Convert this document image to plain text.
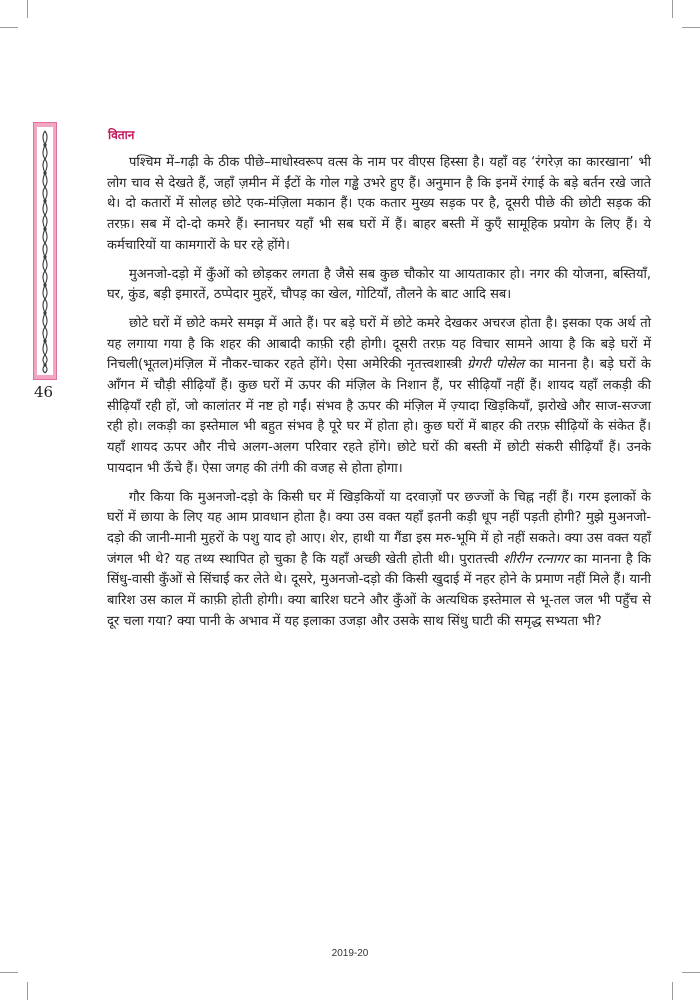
वितान
46

पश्चिम में–गढ़ी के ठीक पीछे–माधोस्वरूप वत्स के नाम पर वीएस हिस्सा है। यहाँ वह ‘रंगरेज़ का कारखाना’ भी लोग चाव से देखते हैं, जहाँ ज़मीन में ईंटों के गोल गड्ढे उभरे हुए हैं। अनुमान है कि इनमें रंगाई के बड़े बर्तन रखे जाते थे। दो कतारों में सोलह छोटे एक-मंज़िला मकान हैं। एक कतार मुख्य सड़क पर है, दूसरी पीछे की छोटी सड़क की तरफ़। सब में दो-दो कमरे हैं। स्नानघर यहाँ भी सब घरों में हैं। बाहर बस्ती में कुएँ सामूहिक प्रयोग के लिए हैं। ये कर्मचारियों या कामगारों के घर रहे होंगे।

मुअनजो-दड़ो में कुँओं को छोड़कर लगता है जैसे सब कुछ चौकोर या आयताकार हो। नगर की योजना, बस्तियाँ, घर, कुंड, बड़ी इमारतें, ठप्पेदार मुहरें, चौपड़ का खेल, गोटियाँ, तौलने के बाट आदि सब।

छोटे घरों में छोटे कमरे समझ में आते हैं। पर बड़े घरों में छोटे कमरे देखकर अचरज होता है। इसका एक अर्थ तो यह लगाया गया है कि शहर की आबादी काफ़ी रही होगी। दूसरी तरफ़ यह विचार सामने आया है कि बड़े घरों में निचली(भूतल)मंज़िल में नौकर-चाकर रहते होंगे। ऐसा अमेरिकी नृतत्त्वशास्त्री ग्रेगरी पोसेल का मानना है। बड़े घरों के आँगन में चौड़ी सीढ़ियाँ हैं। कुछ घरों में ऊपर की मंज़िल के निशान हैं, पर सीढ़ियाँ नहीं हैं। शायद यहाँ लकड़ी की सीढ़ियाँ रही हों, जो कालांतर में नष्ट हो गईं। संभव है ऊपर की मंज़िल में ज़्यादा खिड़कियाँ, झरोखे और साज-सज्जा रही हो। लकड़ी का इस्तेमाल भी बहुत संभव है पूरे घर में होता हो। कुछ घरों में बाहर की तरफ़ सीढ़ियों के संकेत हैं। यहाँ शायद ऊपर और नीचे अलग-अलग परिवार रहते होंगे। छोटे घरों की बस्ती में छोटी संकरी सीढ़ियाँ हैं। उनके पायदान भी ऊँचे हैं। ऐसा जगह की तंगी की वजह से होता होगा।

गौर किया कि मुअनजो-दड़ो के किसी घर में खिड़कियों या दरवाज़ों पर छज्जों के चिह्न नहीं हैं। गरम इलाकों के घरों में छाया के लिए यह आम प्रावधान होता है। क्या उस वक्त यहाँ इतनी कड़ी धूप नहीं पड़ती होगी? मुझे मुअनजो-दड़ो की जानी-मानी मुहरों के पशु याद हो आए। शेर, हाथी या गैंडा इस मरु-भूमि में हो नहीं सकते। क्या उस वक्त यहाँ जंगल भी थे? यह तथ्य स्थापित हो चुका है कि यहाँ अच्छी खेती होती थी। पुरातत्त्वी शीरीन रत्नागर का मानना है कि सिंधु-वासी कुँओं से सिंचाई कर लेते थे। दूसरे, मुअनजो-दड़ो की किसी खुदाई में नहर होने के प्रमाण नहीं मिले हैं। यानी बारिश उस काल में काफ़ी होती होगी। क्या बारिश घटने और कुँओं के अत्यधिक इस्तेमाल से भू-तल जल भी पहुँच से दूर चला गया? क्या पानी के अभाव में यह इलाका उजड़ा और उसके साथ सिंधु घाटी की समृद्ध सभ्यता भी?

2019-20
